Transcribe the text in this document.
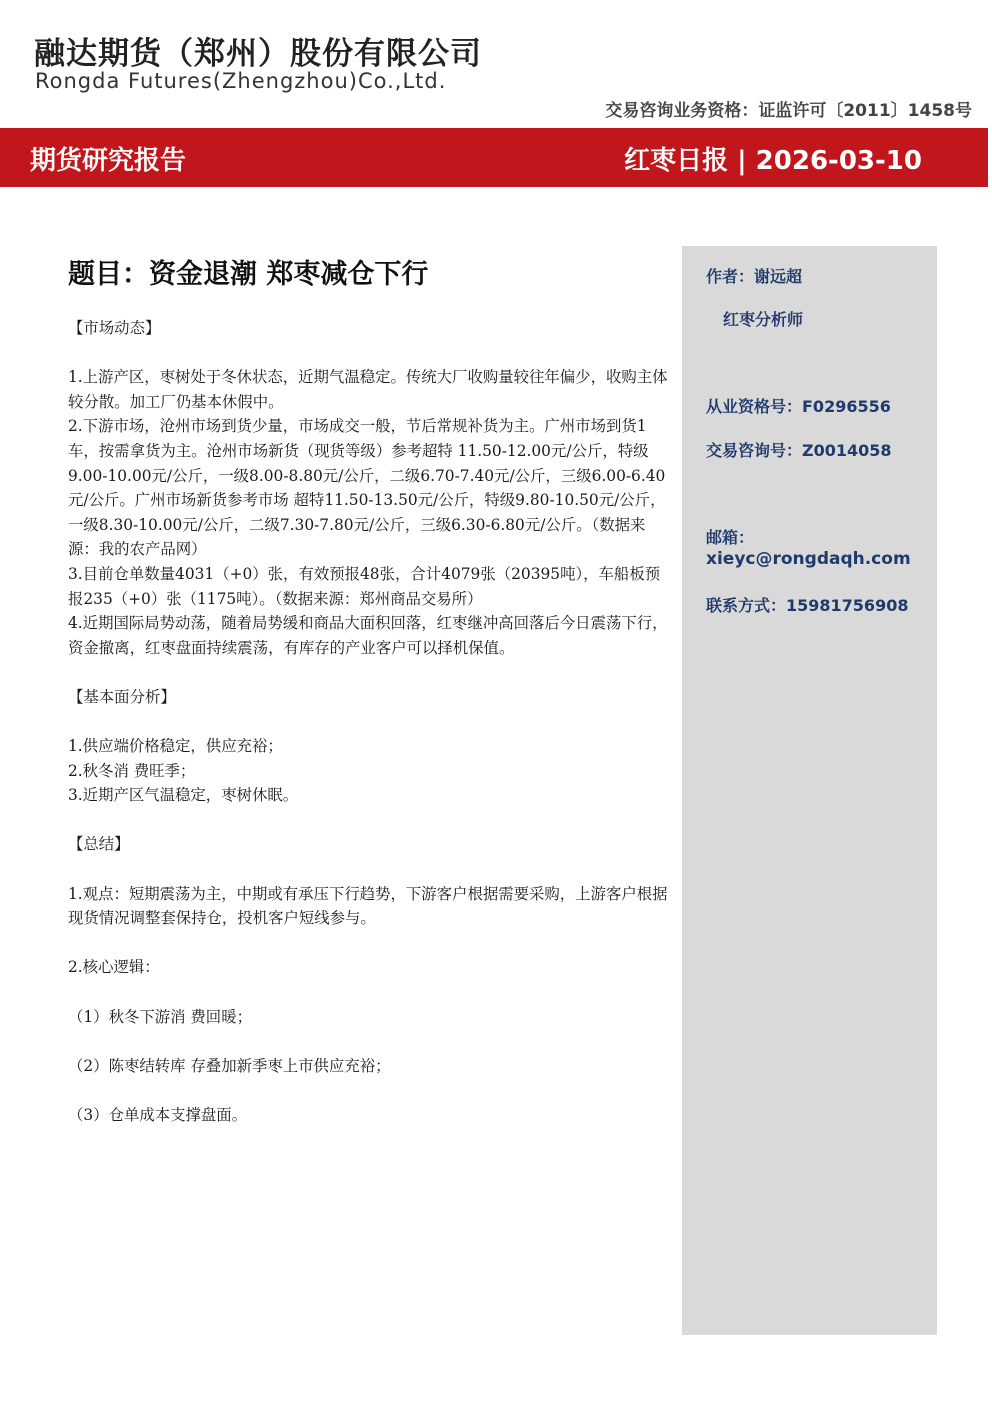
融达期货（郑州）股份有限公司
Rongda Futures(Zhengzhou)Co.,Ltd.
交易咨询业务资格：证监许可〔2011〕1458号
期货研究报告	红枣日报 | 2026-03-10
题目：资金退潮 郑枣减仓下行

【市场动态】

1.上游产区，枣树处于冬休状态，近期气温稳定。传统大厂收购量较往年偏少，收购主体较分散。加工厂仍基本休假中。

2.下游市场，沧州市场到货少量，市场成交一般，节后常规补货为主。广州市场到货1车，按需拿货为主。沧州市场新货（现货等级）参考超特 11.50-12.00元/公斤，特级9.00-10.00元/公斤，一级8.00-8.80元/公斤，二级6.70-7.40元/公斤，三级6.00-6.40元/公斤。广州市场新货参考市场 超特11.50-13.50元/公斤，特级9.80-10.50元/公斤，一级8.30-10.00元/公斤，二级7.30-7.80元/公斤，三级6.30-6.80元/公斤。（数据来源：我的农产品网）

3.目前仓单数量4031（+0）张，有效预报48张，合计4079张（20395吨），车船板预报235（+0）张（1175吨）。（数据来源：郑州商品交易所）

4.近期国际局势动荡，随着局势缓和商品大面积回落，红枣继冲高回落后今日震荡下行，资金撤离，红枣盘面持续震荡，有库存的产业客户可以择机保值。

【基本面分析】

1.供应端价格稳定，供应充裕；

2.秋冬消 费旺季；

3.近期产区气温稳定，枣树休眠。

【总结】

1.观点：短期震荡为主，中期或有承压下行趋势，下游客户根据需要采购，上游客户根据现货情况调整套保持仓，投机客户短线参与。

2.核心逻辑：

（1）秋冬下游消 费回暖；

（2）陈枣结转库 存叠加新季枣上市供应充裕；

（3）仓单成本支撑盘面。

作者：谢远超
红枣分析师
从业资格号：F0296556
交易咨询号：Z0014058
邮箱：
xieyc@rongdaqh.com
联系方式：15981756908
